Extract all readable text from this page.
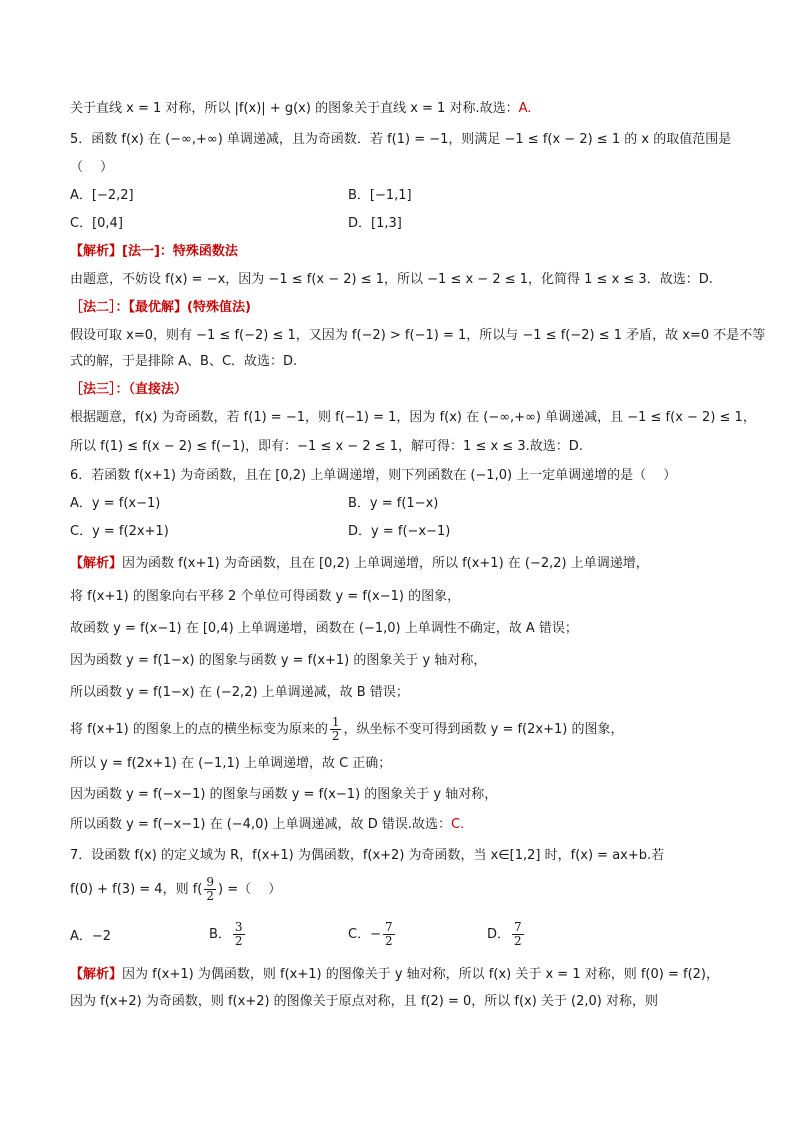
关于直线 x = 1 对称，所以 |f(x)| + g(x) 的图象关于直线 x = 1 对称.故选：A.
5．函数 f(x) 在 (−∞,+∞) 单调递减，且为奇函数．若 f(1) = −1，则满足 −1 ≤ f(x − 2) ≤ 1 的 x 的取值范围是
（　 ）
A．[−2,2]	B．[−1,1]
C．[0,4]	D．[1,3]
【解析】[法一]：特殊函数法
由题意，不妨设 f(x) = −x，因为 −1 ≤ f(x − 2) ≤ 1，所以 −1 ≤ x − 2 ≤ 1，化简得 1 ≤ x ≤ 3．故选：D.
［法二］：【最优解】(特殊值法)
假设可取 x=0，则有 −1 ≤ f(−2) ≤ 1，又因为 f(−2) > f(−1) = 1，所以与 −1 ≤ f(−2) ≤ 1 矛盾，故 x=0 不是不等
式的解，于是排除 A、B、C．故选：D.
［法三］：（直接法）
根据题意，f(x) 为奇函数，若 f(1) = −1，则 f(−1) = 1，因为 f(x) 在 (−∞,+∞) 单调递减，且 −1 ≤ f(x − 2) ≤ 1，
所以 f(1) ≤ f(x − 2) ≤ f(−1)，即有：−1 ≤ x − 2 ≤ 1，解可得：1 ≤ x ≤ 3.故选：D.
6．若函数 f(x+1) 为奇函数，且在 [0,2) 上单调递增，则下列函数在 (−1,0) 上一定单调递增的是（　 ）
A．y = f(x−1)	B．y = f(1−x)
C．y = f(2x+1)	D．y = f(−x−1)
【解析】因为函数 f(x+1) 为奇函数，且在 [0,2) 上单调递增，所以 f(x+1) 在 (−2,2) 上单调递增，
将 f(x+1) 的图象向右平移 2 个单位可得函数 y = f(x−1) 的图象，
故函数 y = f(x−1) 在 [0,4) 上单调递增，函数在 (−1,0) 上单调性不确定，故 A 错误；
因为函数 y = f(1−x) 的图象与函数 y = f(x+1) 的图象关于 y 轴对称，
所以函数 y = f(1−x) 在 (−2,2) 上单调递减，故 B 错误；
将 f(x+1) 的图象上的点的横坐标变为原来的 $\frac{1}{2}$ ，纵坐标不变可得到函数 y = f(2x+1) 的图象，
所以 y = f(2x+1) 在 (−1,1) 上单调递增，故 C 正确；
因为函数 y = f(−x−1) 的图象与函数 y = f(x−1) 的图象关于 y 轴对称，
所以函数 y = f(−x−1) 在 (−4,0) 上单调递减，故 D 错误.故选：C.
7．设函数 f(x) 的定义域为 R，f(x+1) 为偶函数，f(x+2) 为奇函数，当 x∈[1,2] 时，f(x) = ax+b.若
f(0) + f(3) = 4，则 $f( \frac{9}{2}$ ) =（　 ）
A．−2	B． $\frac{3}{2}$	C．− $\frac{7}{2}$	D． $\frac{7}{2}$
【解析】因为 f(x+1) 为偶函数，则 f(x+1) 的图像关于 y 轴对称，所以 f(x) 关于 x = 1 对称，则 f(0) = f(2)，
因为 f(x+2) 为奇函数，则 f(x+2) 的图像关于原点对称，且 f(2) = 0，所以 f(x) 关于 (2,0) 对称，则
